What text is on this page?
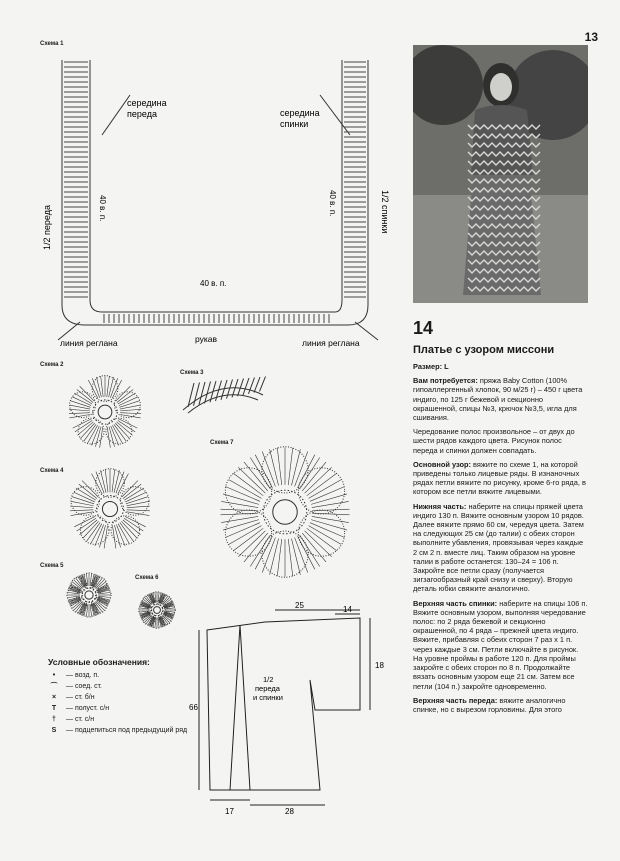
13
Схема 1
середина переда	середина спинки
1/2 переда	1/2 спинки
40 в. п.	40 в. п.
40 в. п.
линия реглана	рукав	линия реглана
Схема 2
Схема 3
Схема 4
Схема 7
Схема 5
Схема 6
Условные обозначения:
•	— возд. п.
⌒	— соед. ст.
×	— ст. б/н
T	— полуст. с/н
†	— ст. с/н
S	— подцепиться под предыдущий ряд
25	14
18
66
17	28
1/2 переда и спинки
14
Платье с узором миссони

Размер: L

Вам потребуется: пряжа Baby Cotton (100% гипоаллергенный хлопок, 90 м/25 г) – 450 г цвета индиго, по 125 г бежевой и секционно окрашенной, спицы №3, крючок №3,5, игла для сшивания.

Чередование полос произвольное – от двух до шести рядов каждого цвета. Рисунок полос переда и спинки должен совпадать.

Основной узор: вяжите по схеме 1, на которой приведены только лицевые ряды. В изнаночных рядах петли вяжите по рисунку, кроме 6-го ряда, в котором все петли вяжите лицевыми.

Нижняя часть: наберите на спицы пряжей цвета индиго 130 п. Вяжите основным узором 10 рядов. Далее вяжите прямо 60 см, чередуя цвета. Затем на следующих 25 см (до талии) с обеих сторон выполните убавления, провязывая через каждые 2 см 2 п. вместе лиц. Таким образом на уровне талии в работе останется: 130–24 = 106 п. Закройте все петли сразу (получается зигзагообразный край снизу и сверху). Вторую деталь юбки свяжите аналогично.

Верхняя часть спинки: наберите на спицы 106 п. Вяжите основным узором, выполняя чередование полос: по 2 ряда бежевой и секционно окрашенной, по 4 ряда – прежней цвета индиго. Вяжите, прибавляя с обеих сторон 7 раз х 1 п. через каждые 3 см. Петли включайте в рисунок. На уровне проймы в работе 120 п. Для проймы закройте с обеих сторон по 8 п. Продолжайте вязать основным узором еще 21 см. Затем все петли (104 п.) закройте одновременно.

Верхняя часть переда: вяжите аналогично спинке, но с вырезом горловины. Для этого
